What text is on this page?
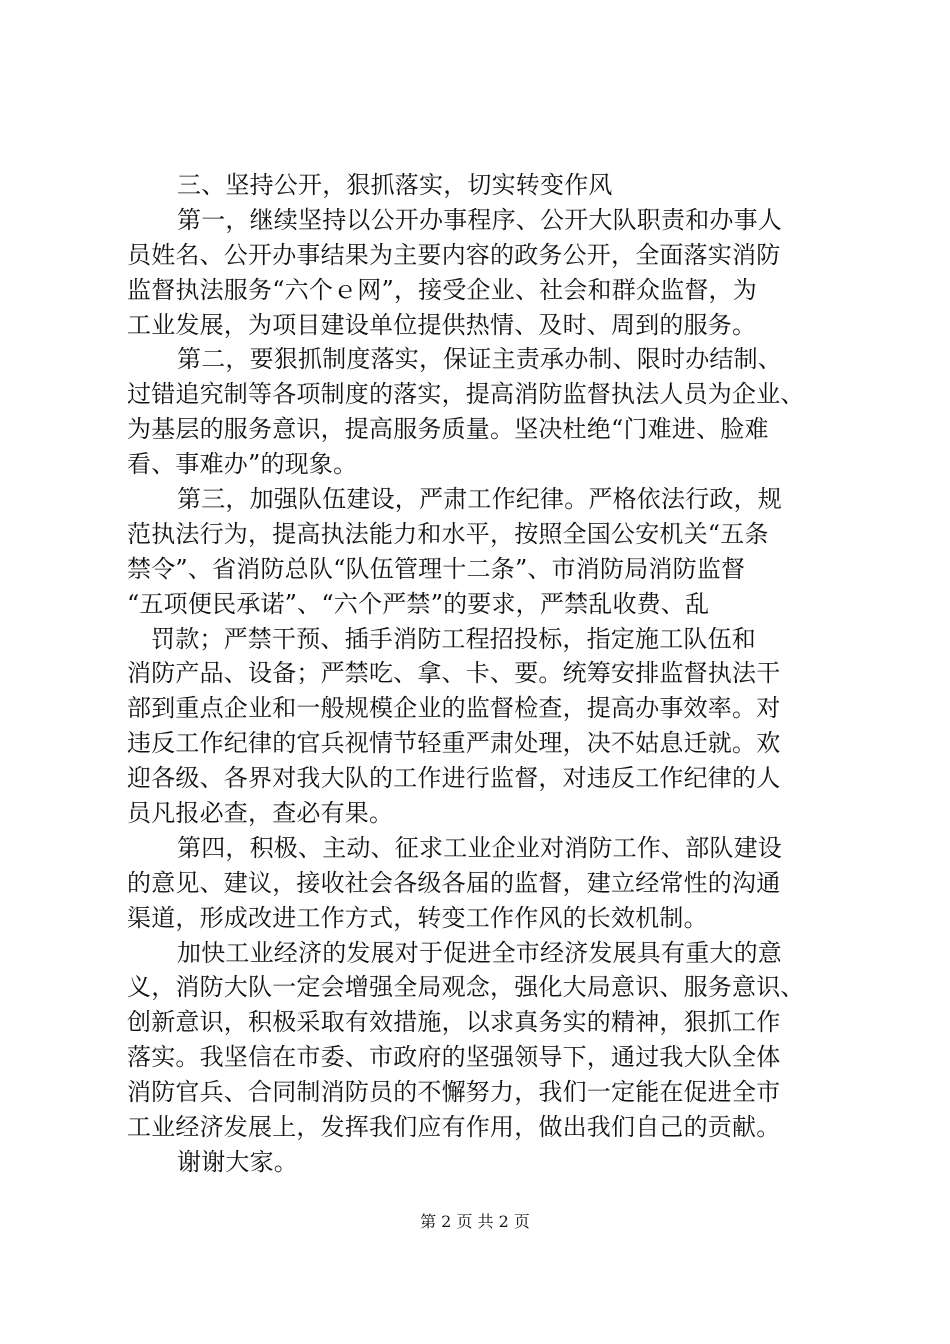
三、坚持公开，狠抓落实，切实转变作风
第一，继续坚持以公开办事程序、公开大队职责和办事人
员姓名、公开办事结果为主要内容的政务公开，全面落实消防
监督执法服务“六个ｅ网”，接受企业、社会和群众监督，为
工业发展，为项目建设单位提供热情、及时、周到的服务。
第二，要狠抓制度落实，保证主责承办制、限时办结制、
过错追究制等各项制度的落实，提高消防监督执法人员为企业、
为基层的服务意识，提高服务质量。坚决杜绝“门难进、脸难
看、事难办”的现象。
第三，加强队伍建设，严肃工作纪律。严格依法行政，规
范执法行为，提高执法能力和水平，按照全国公安机关“五条
禁令”、省消防总队“队伍管理十二条”、市消防局消防监督
“五项便民承诺”、“六个严禁”的要求，严禁乱收费、乱
罚款；严禁干预、插手消防工程招投标，指定施工队伍和
消防产品、设备；严禁吃、拿、卡、要。统筹安排监督执法干
部到重点企业和一般规模企业的监督检查，提高办事效率。对
违反工作纪律的官兵视情节轻重严肃处理，决不姑息迁就。欢
迎各级、各界对我大队的工作进行监督，对违反工作纪律的人
员凡报必查，查必有果。
第四，积极、主动、征求工业企业对消防工作、部队建设
的意见、建议，接收社会各级各届的监督，建立经常性的沟通
渠道，形成改进工作方式，转变工作作风的长效机制。
加快工业经济的发展对于促进全市经济发展具有重大的意
义，消防大队一定会增强全局观念，强化大局意识、服务意识、
创新意识，积极采取有效措施，以求真务实的精神，狠抓工作
落实。我坚信在市委、市政府的坚强领导下，通过我大队全体
消防官兵、合同制消防员的不懈努力，我们一定能在促进全市
工业经济发展上，发挥我们应有作用，做出我们自己的贡献。
谢谢大家。
第 2 页 共 2 页
